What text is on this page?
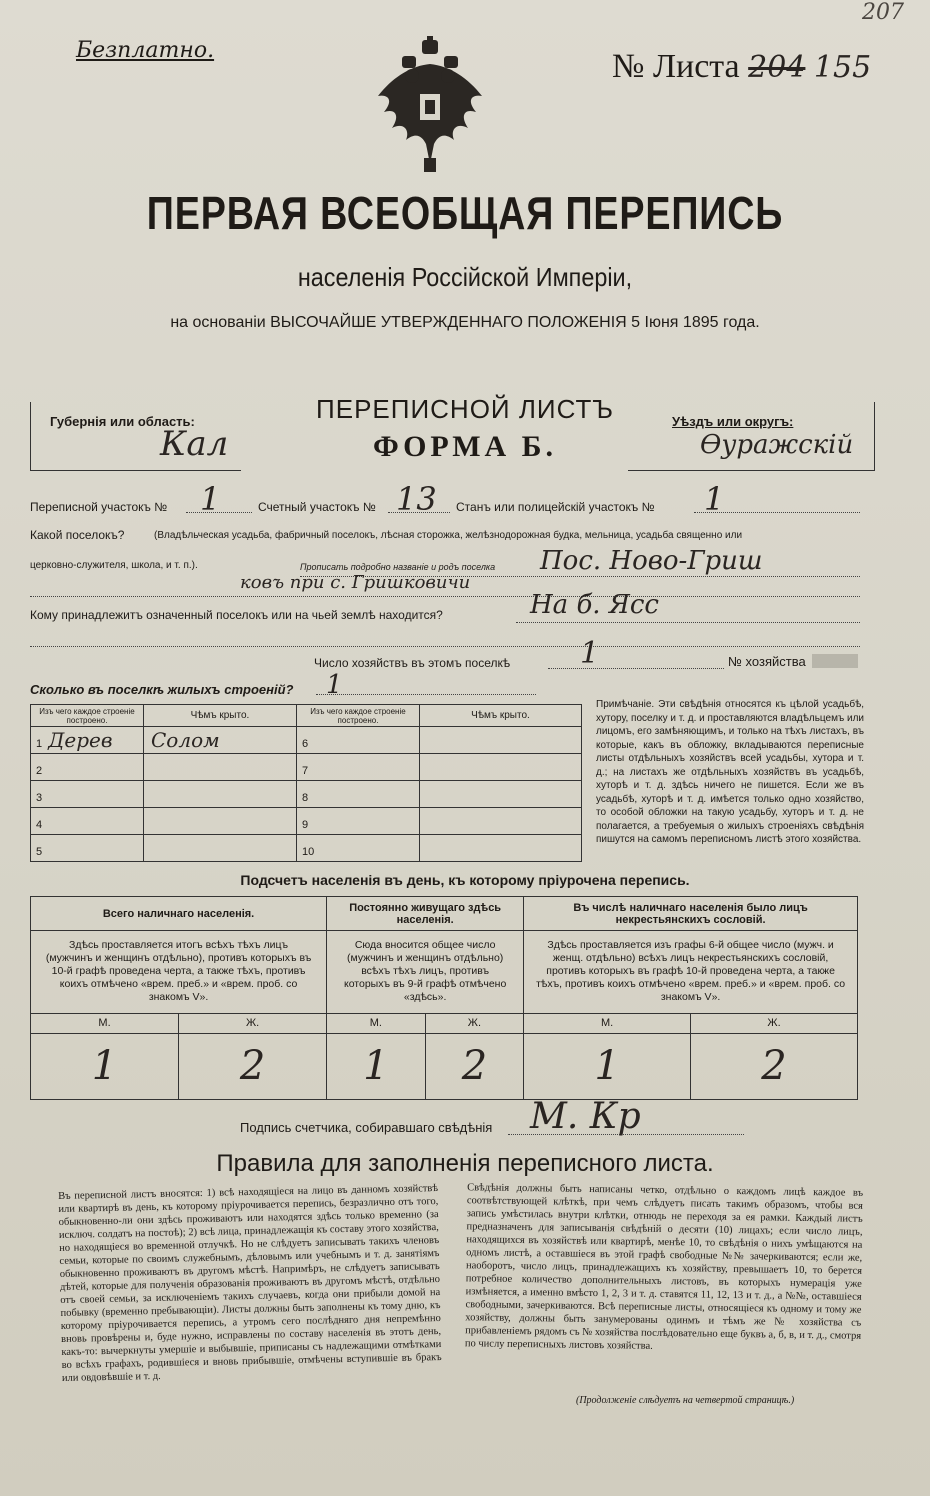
Безплатно.
207
№ Листа 204 155
ПЕРВАЯ ВСЕОБЩАЯ ПЕРЕПИСЬ
населенія Россійской Имперіи,
на основаніи ВЫСОЧАЙШЕ УТВЕРЖДЕННАГО ПОЛОЖЕНІЯ 5 Іюня 1895 года.
Губернія или область:
Кал
ПЕРЕПИСНОЙ ЛИСТЪ
ФОРМА Б.
Уѣздъ или округъ:
Ѳуражскій
Переписной участокъ № 1	Счетный участокъ № 13 Станъ или полицейскій участокъ № 1
Какой поселокъ?	(Владѣльческая усадьба, фабричный поселокъ, лѣсная сторожка, желѣзнодорожная будка, мельница, усадьба священно или
церковно-служителя, школа, и т. п.).	Прописать подробно названіе и родъ поселка Пос. Ново-Гриш
ковъ при с. Гришковичи
Кому принадлежитъ означенный поселокъ или на чьей землѣ находится?	На б. Ясс
Число хозяйствъ въ этомъ поселкѣ 1	№ хозяйства
Сколько въ поселкѣ жилыхъ строеній? 1
Изъ чего каждое строеніе построено.	Чѣмъ крыто.	Изъ чего каждое строеніе построено.	Чѣмъ крыто.
1 Дерев	Солом	6	
2		7	
3		8	
4		9	
5		10	
Примѣчаніе. Эти свѣдѣнія относятся къ цѣлой усадьбѣ, хутору, поселку и т. д. и проставляются владѣльцемъ или лицомъ, его замѣняющимъ, и только на тѣхъ листахъ, въ которые, какъ въ обложку, вкладываются переписные листы отдѣльныхъ хозяйствъ всей усадьбы, хутора и т. д.; на листахъ же отдѣльныхъ хозяйствъ въ усадьбѣ, хуторѣ и т. д. здѣсь ничего не пишется. Если же въ усадьбѣ, хуторѣ и т. д. имѣется только одно хозяйство, то особой обложки на такую усадьбу, хуторъ и т. д. не полагается, а требуемыя о жилыхъ строеніяхъ свѣдѣнія пишутся на самомъ переписномъ листѣ этого хозяйства.
Подсчетъ населенія въ день, къ которому пріурочена перепись.
Всего наличнаго населенія.		Постоянно живущаго здѣсь населенія.		Въ числѣ наличнаго населенія было лицъ некрестьянскихъ сословій.	
Здѣсь проставляется итогъ всѣхъ тѣхъ лицъ (мужчинъ и женщинъ отдѣльно), противъ которыхъ въ 10-й графѣ проведена черта, а также тѣхъ, противъ коихъ отмѣчено «врем. преб.» и «врем. проб. со знакомъ V».		Сюда вносится общее число (мужчинъ и женщинъ отдѣльно) всѣхъ тѣхъ лицъ, противъ которыхъ въ 9-й графѣ отмѣчено «здѣсь».		Здѣсь проставляется изъ графы 6-й общее число (мужч. и женщ. отдѣльно) всѣхъ лицъ некрестьянскихъ сословій, противъ которыхъ въ графѣ 10-й проведена черта, а также тѣхъ, противъ коихъ отмѣчено «врем. преб.» и «врем. проб. со знакомъ V».	
М.	Ж.	М.	Ж.	М.	Ж.
1	2	1	2	1	2
Подпись счетчика, собиравшаго свѣдѣнія М. Кр
Правила для заполненія переписного листа.
Въ переписной листъ вносятся: 1) всѣ находящіеся на лицо въ данномъ хозяйствѣ или квартирѣ въ день, къ которому пріурочивается перепись, безразлично отъ того, обыкновенно-ли они здѣсь проживаютъ или находятся здѣсь только временно (за исключ. солдатъ на постоѣ); 2) всѣ лица, принадлежащія къ составу этого хозяйства, но находящіеся во временной отлучкѣ. Но не слѣдуетъ записывать такихъ членовъ семьи, которые по своимъ служебнымъ, дѣловымъ или учебнымъ и т. д. занятіямъ обыкновенно проживаютъ въ другомъ мѣстѣ. Напримѣръ, не слѣдуетъ записывать дѣтей, которые для полученія образованія проживаютъ въ другомъ мѣстѣ, отдѣльно отъ своей семьи, за исключеніемъ такихъ случаевъ, когда они прибыли домой на побывку (временно пребывающіи). Листы должны быть заполнены къ тому дню, къ которому пріурочивается перепись, а утромъ сего послѣдняго дня непремѣнно вновь провѣрены и, буде нужно, исправлены по составу населенія въ этотъ день, какъ-то: вычеркнуты умершіе и выбывшіе, приписаны съ надлежащими отмѣтками во всѣхъ графахъ, родившіеся и вновь прибывшіе, отмѣчены вступившіе въ бракъ или овдовѣвшіе и т. д.
Свѣдѣнія должны быть написаны четко, отдѣльно о каждомъ лицѣ каждое въ соотвѣтствующей клѣткѣ, при чемъ слѣдуетъ писать такимъ образомъ, чтобы вся запись умѣстилась внутри клѣтки, отнюдь не переходя за ея рамки. Каждый листъ предназначенъ для записыванія свѣдѣній о десяти (10) лицахъ; если число лицъ, находящихся въ хозяйствѣ или квартирѣ, менѣе 10, то свѣдѣнія о нихъ умѣщаются на одномъ листѣ, а оставшіеся въ этой графѣ свободные №№ зачеркиваются; если же, наоборотъ, число лицъ, принадлежащихъ къ хозяйству, превышаетъ 10, то берется потребное количество дополнительныхъ листовъ, въ которыхъ нумерація уже измѣняется, а именно вмѣсто 1, 2, 3 и т. д. ставятся 11, 12, 13 и т. д., а №№, оставшіеся свободными, зачеркиваются. Всѣ переписные листы, относящіеся къ одному и тому же хозяйству, должны быть занумерованы одинмъ и тѣмъ же № хозяйства съ прибавленіемъ рядомъ съ № хозяйства послѣдовательно еще буквъ а, б, в, и т. д., смотря по числу переписныхъ листовъ хозяйства.
(Продолженіе слѣдуетъ на четвертой страницѣ.)
